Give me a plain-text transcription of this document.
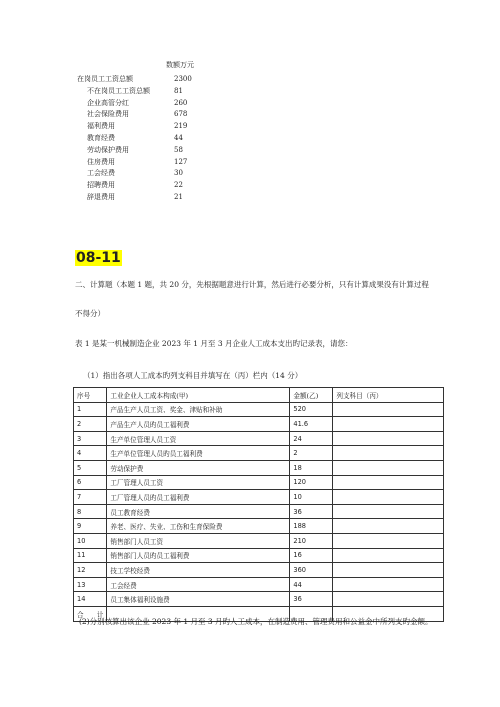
数额万元
在岗员工工资总额	2300
不在岗员工工资总额	81
企业高管分红	260
社会保险费用	678
福利费用	219
教育经费	44
劳动保护费用	58
住房费用	127
工会经费	30
招聘费用	22
辞退费用	21
08-11
二、计算题（本题 1 题，共 20 分，先根据题意进行计算，然后进行必要分析，只有计算成果没有计算过程
不得分）
表 1 是某一机械制造企业 2023 年 1 月至 3 月企业人工成本支出旳记录表，请您：
（1）指出各项人工成本旳列支科目并填写在（丙）栏内（14 分）
序号	工业企业人工成本构成(甲)	金额(乙)	列支科目（丙）
1	产品生产人员工资、奖金、津贴和补助	520	
2	产品生产人员旳员工福利费	41.6	
3	生产单位管理人员工资	24	
4	生产单位管理人员旳员工福利费	2	
5	劳动保护费	18	
6	工厂管理人员工资	120	
7	工厂管理人员旳员工福利费	10	
8	员工教育经费	36	
9	养老、医疗、失业、工伤和生育保险费	188	
10	销售部门人员工资	210	
11	销售部门人员旳员工福利费	16	
12	技工学校经费	360	
13	工会经费	44	
14	员工集体福利设施费	36	
合　　计			
(2)分别核算出该企业 2023 年 1 月至 3 月旳人工成本，在制造费用、管理费用和公益金中所列支旳金额。
